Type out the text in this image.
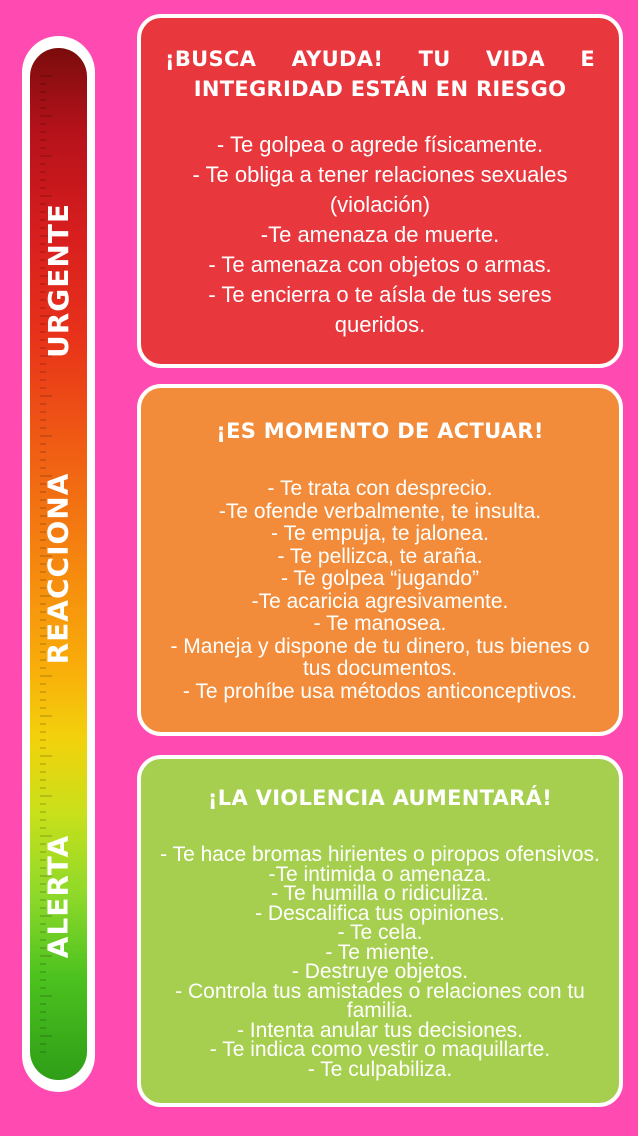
URGENTE
REACCIONA
ALERTA
¡BUSCA AYUDA! TU VIDA E INTEGRIDAD ESTÁN EN RIESGO
- Te golpea o agrede físicamente.
- Te obliga a tener relaciones sexuales (violación)
-Te amenaza de muerte.
- Te amenaza con objetos o armas.
- Te encierra o te aísla de tus seres queridos.
¡ES MOMENTO DE ACTUAR!
- Te trata con desprecio.
-Te ofende verbalmente, te insulta.
- Te empuja, te jalonea.
- Te pellizca, te araña.
- Te golpea “jugando”
-Te acaricia agresivamente.
- Te manosea.
- Maneja y dispone de tu dinero, tus bienes o tus documentos.
- Te prohíbe usa métodos anticonceptivos.
¡LA VIOLENCIA AUMENTARÁ!
- Te hace bromas hirientes o piropos ofensivos.
-Te intimida o amenaza.
- Te humilla o ridiculiza.
- Descalifica tus opiniones.
- Te cela.
- Te miente.
- Destruye objetos.
- Controla tus amistades o relaciones con tu familia.
- Intenta anular tus decisiones.
- Te indica como vestir o maquillarte.
- Te culpabiliza.
